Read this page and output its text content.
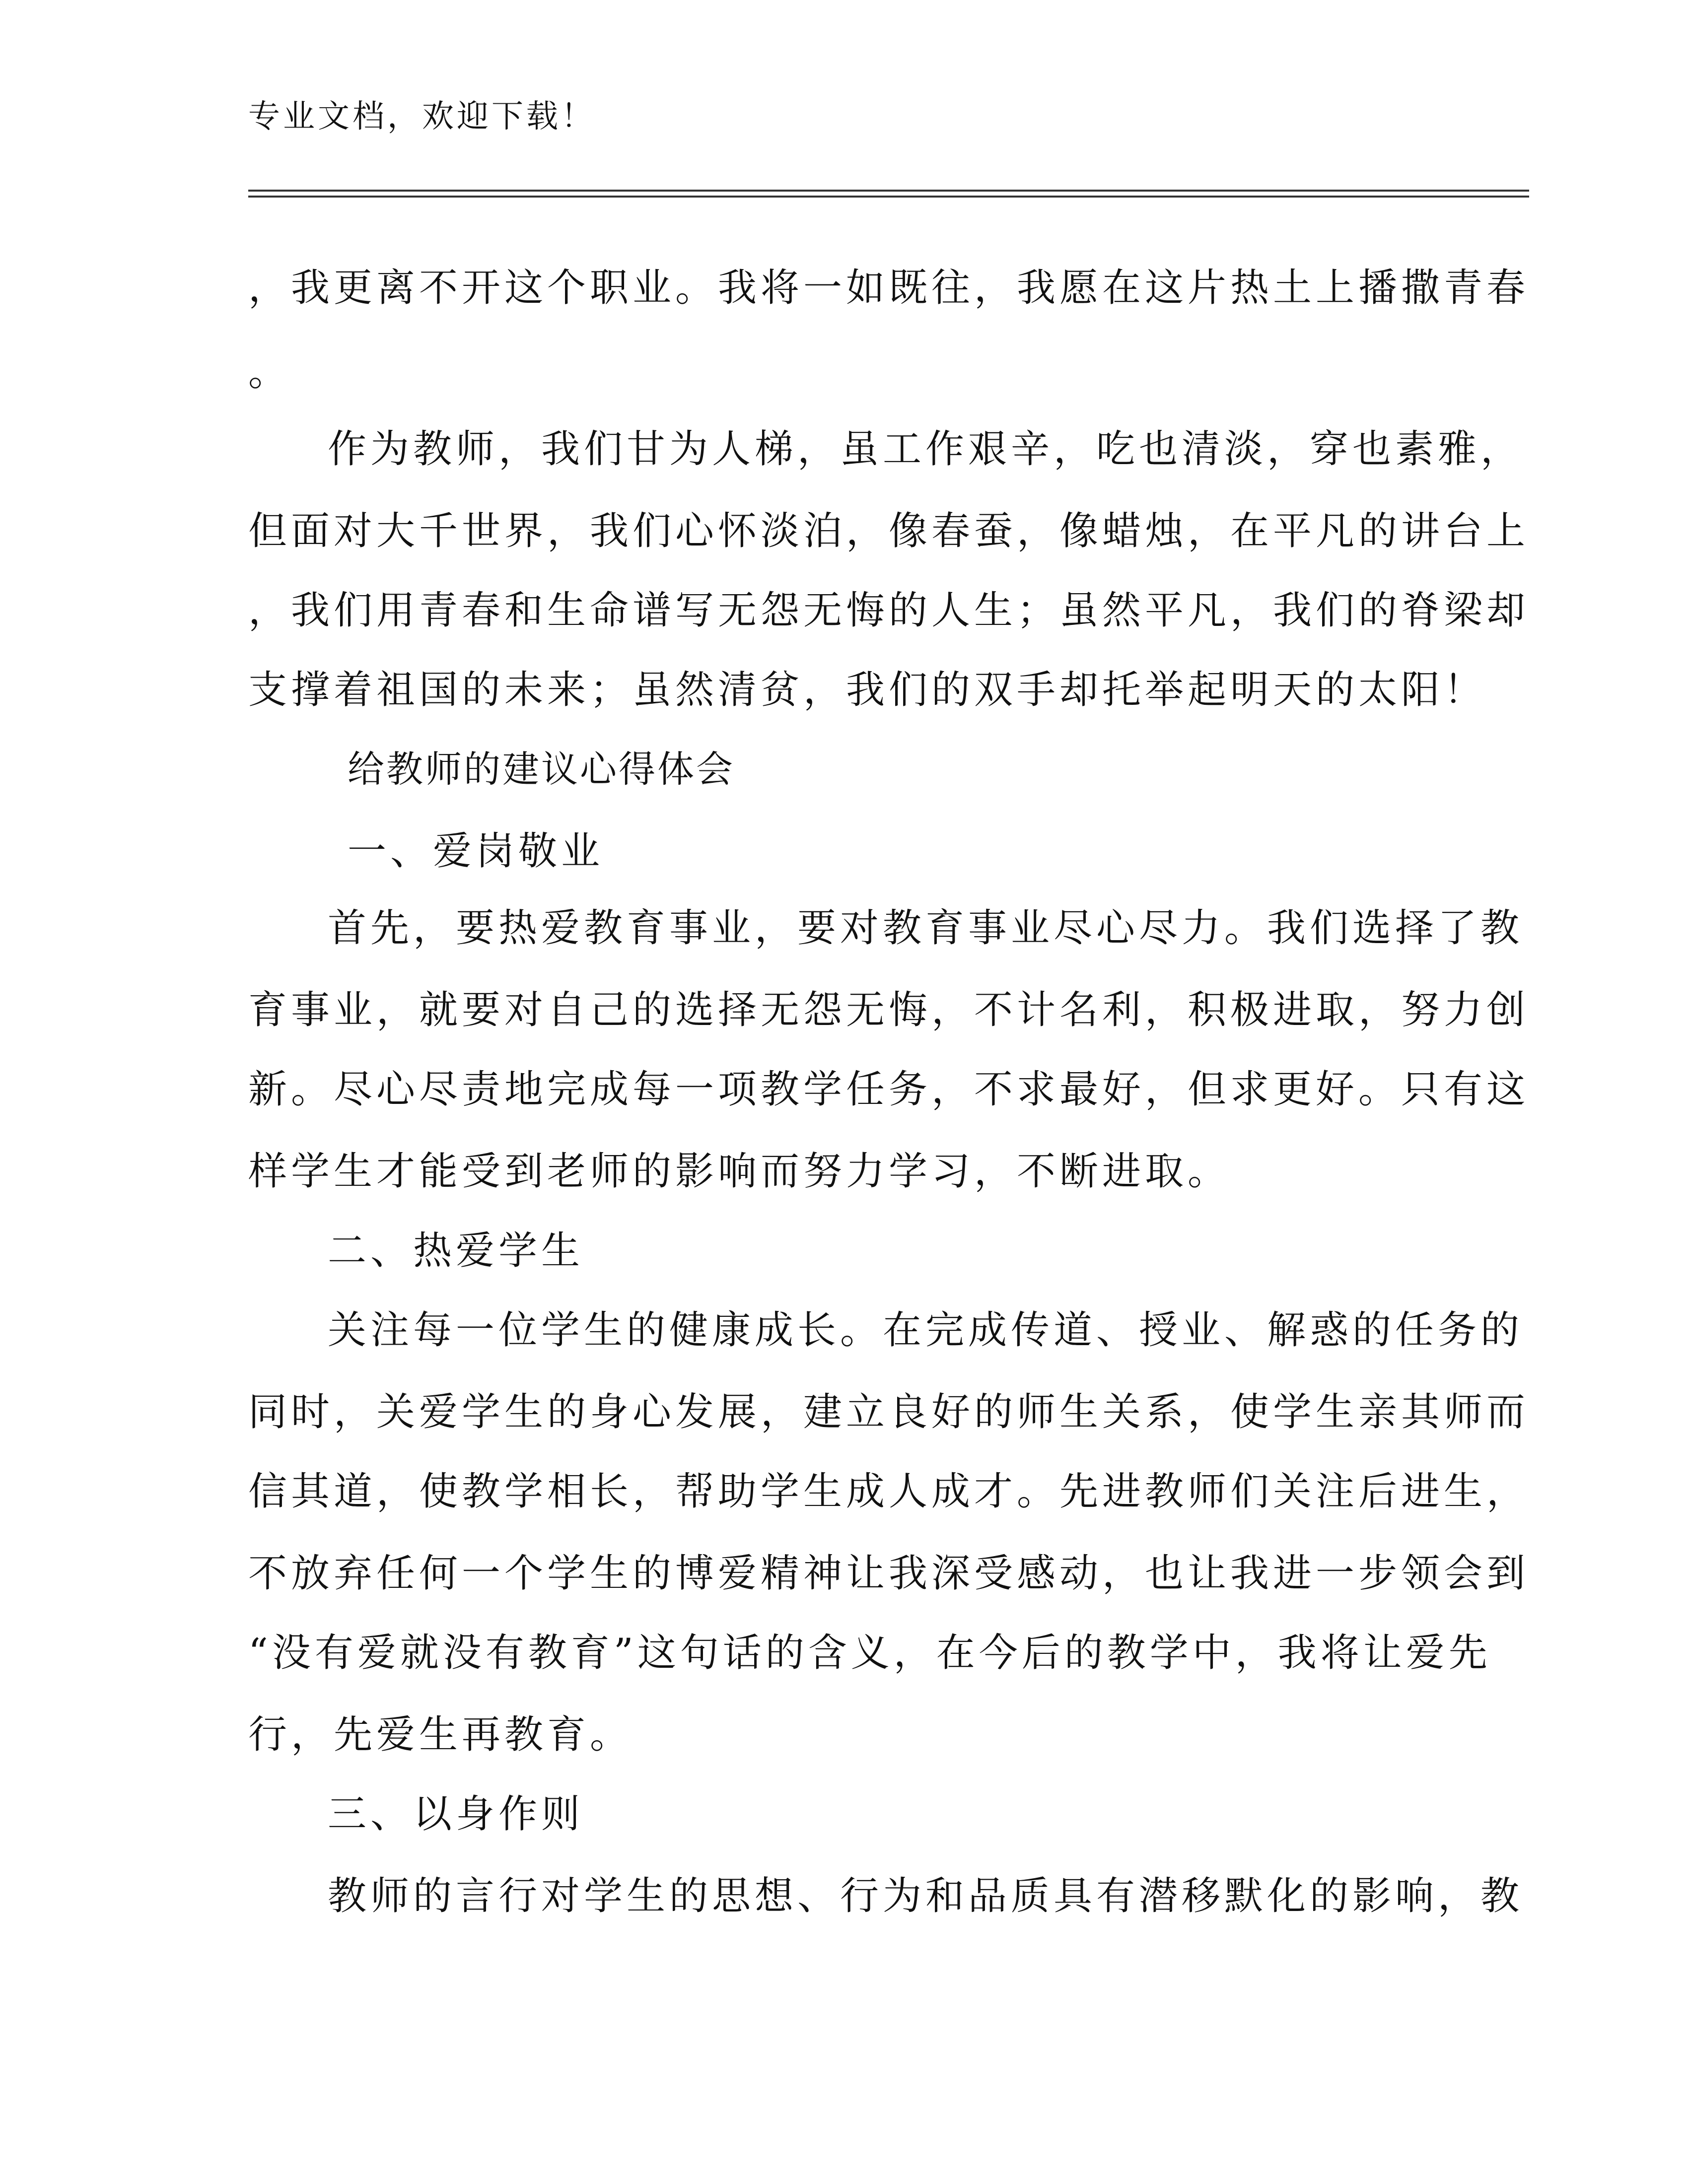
专业文档，欢迎下载！
，我更离不开这个职业。我将一如既往，我愿在这片热土上播撒青春
。
作为教师，我们甘为人梯，虽工作艰辛，吃也清淡，穿也素雅，
但面对大千世界，我们心怀淡泊，像春蚕，像蜡烛，在平凡的讲台上
，我们用青春和生命谱写无怨无悔的人生；虽然平凡，我们的脊梁却
支撑着祖国的未来；虽然清贫，我们的双手却托举起明天的太阳！
给教师的建议心得体会
一、爱岗敬业
首先，要热爱教育事业，要对教育事业尽心尽力。我们选择了教
育事业，就要对自己的选择无怨无悔，不计名利，积极进取，努力创
新。尽心尽责地完成每一项教学任务，不求最好，但求更好。只有这
样学生才能受到老师的影响而努力学习，不断进取。
二、热爱学生
关注每一位学生的健康成长。在完成传道、授业、解惑的任务的
同时，关爱学生的身心发展，建立良好的师生关系，使学生亲其师而
信其道，使教学相长，帮助学生成人成才。先进教师们关注后进生，
不放弃任何一个学生的博爱精神让我深受感动，也让我进一步领会到
“没有爱就没有教育”这句话的含义，在今后的教学中，我将让爱先
行，先爱生再教育。
三、以身作则
教师的言行对学生的思想、行为和品质具有潜移默化的影响，教
